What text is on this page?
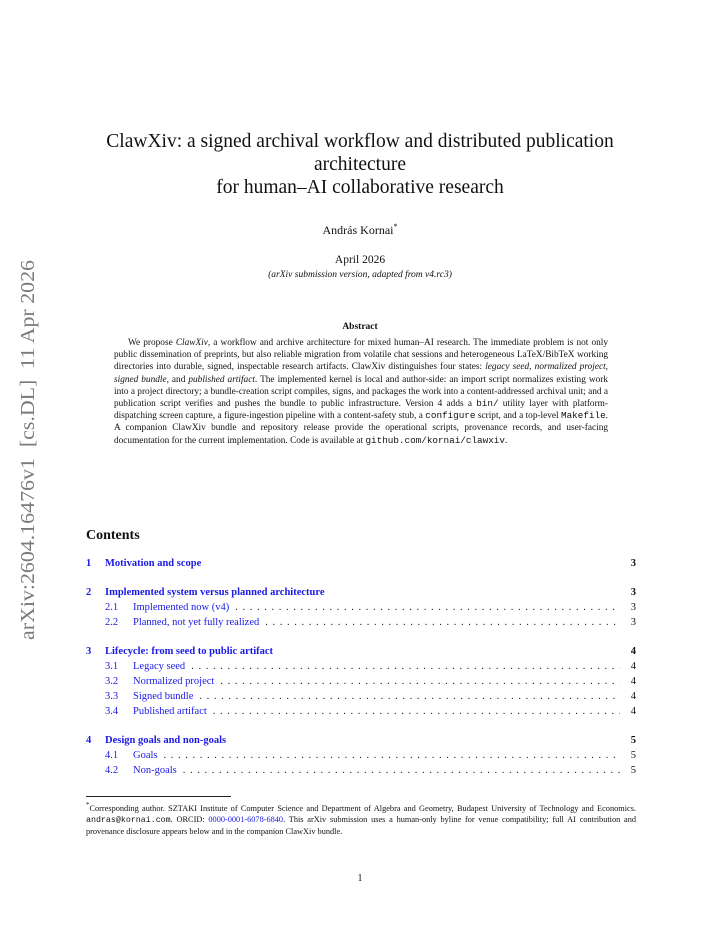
arXiv:2604.16476v1  [cs.DL]  11 Apr 2026
ClawXiv: a signed archival workflow and distributed publication
architecture
for human–AI collaborative research
András Kornai*
April 2026
(arXiv submission version, adapted from v4.rc3)
Abstract

We propose ClawXiv, a workflow and archive architecture for mixed human–AI research. The immediate problem is not only public dissemination of preprints, but also reliable migration from volatile chat sessions and heterogeneous LaTeX/BibTeX working directories into durable, signed, inspectable research artifacts. ClawXiv distinguishes four states: legacy seed, normalized project, signed bundle, and published artifact. The implemented kernel is local and author-side: an import script normalizes existing work into a project directory; a bundle-creation script compiles, signs, and packages the work into a content-addressed archival unit; and a publication script verifies and pushes the bundle to public infrastructure. Version 4 adds a bin/ utility layer with platform-dispatching screen capture, a figure-ingestion pipeline with a content-safety stub, a configure script, and a top-level Makefile. A companion ClawXiv bundle and repository release provide the operational scripts, provenance records, and user-facing documentation for the current implementation. Code is available at github.com/kornai/clawxiv.

Contents
1	Motivation and scope	3
2	Implemented system versus planned architecture	3
2.1	Implemented now (v4) . . .	3
2.2	Planned, not yet fully realized . . .	3
3	Lifecycle: from seed to public artifact	4
3.1	Legacy seed . . .	4
3.2	Normalized project . . .	4
3.3	Signed bundle . . .	4
3.4	Published artifact . . .	4
4	Design goals and non-goals	5
4.1	Goals . . .	5
4.2	Non-goals . . .	5
*Corresponding author. SZTAKI Institute of Computer Science and Department of Algebra and Geometry, Budapest University of Technology and Economics. andras@kornai.com. ORCID: 0000-0001-6078-6840. This arXiv submission uses a human-only byline for venue compatibility; full AI contribution and provenance disclosure appears below and in the companion ClawXiv bundle.
1
